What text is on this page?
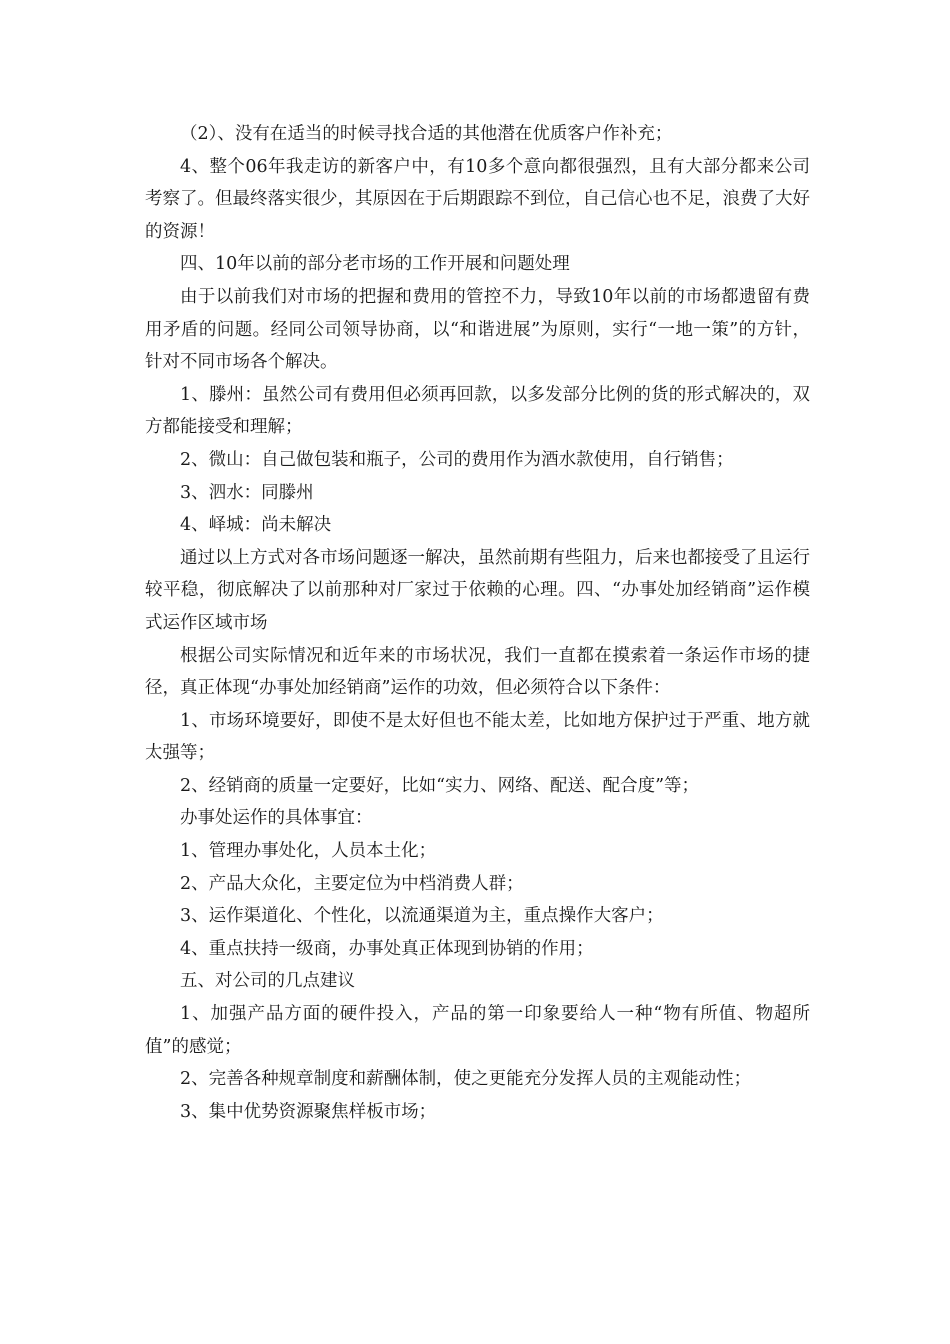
（2）、没有在适当的时候寻找合适的其他潜在优质客户作补充；

4、整个06年我走访的新客户中，有10多个意向都很强烈，且有大部分都来公司考察了。但最终落实很少，其原因在于后期跟踪不到位，自己信心也不足，浪费了大好的资源！

四、10年以前的部分老市场的工作开展和问题处理

由于以前我们对市场的把握和费用的管控不力，导致10年以前的市场都遗留有费用矛盾的问题。经同公司领导协商，以“和谐进展”为原则，实行“一地一策”的方针，针对不同市场各个解决。

1、滕州：虽然公司有费用但必须再回款，以多发部分比例的货的形式解决的，双方都能接受和理解；

2、微山：自己做包装和瓶子，公司的费用作为酒水款使用，自行销售；

3、泗水：同滕州

4、峄城：尚未解决

通过以上方式对各市场问题逐一解决，虽然前期有些阻力，后来也都接受了且运行较平稳，彻底解决了以前那种对厂家过于依赖的心理。四、“办事处加经销商”运作模式运作区域市场

根据公司实际情况和近年来的市场状况，我们一直都在摸索着一条运作市场的捷径，真正体现“办事处加经销商”运作的功效，但必须符合以下条件：

1、市场环境要好，即使不是太好但也不能太差，比如地方保护过于严重、地方就太强等；

2、经销商的质量一定要好，比如“实力、网络、配送、配合度”等；

办事处运作的具体事宜：

1、管理办事处化，人员本土化；

2、产品大众化，主要定位为中档消费人群；

3、运作渠道化、个性化，以流通渠道为主，重点操作大客户；

4、重点扶持一级商，办事处真正体现到协销的作用；

五、对公司的几点建议

1、加强产品方面的硬件投入，产品的第一印象要给人一种“物有所值、物超所值”的感觉；

2、完善各种规章制度和薪酬体制，使之更能充分发挥人员的主观能动性；

3、集中优势资源聚焦样板市场；
